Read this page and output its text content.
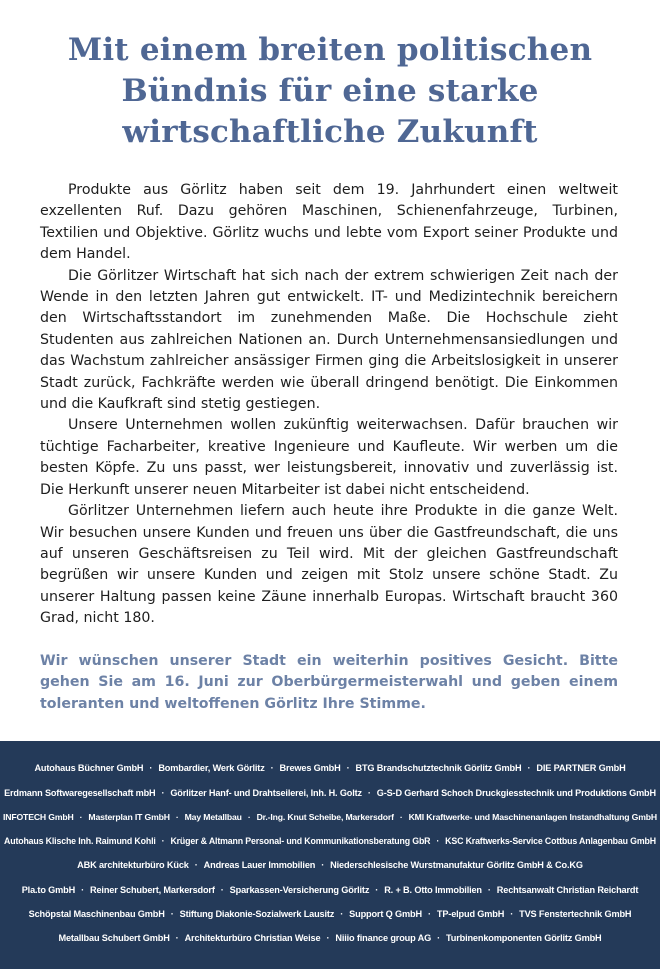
Mit einem breiten politischen
Bündnis für eine starke
wirtschaftliche Zukunft

Produkte aus Görlitz haben seit dem 19. Jahrhundert einen weltweit exzellenten Ruf. Dazu gehören Maschinen, Schienenfahrzeuge, Turbinen, Textilien und Objektive. Görlitz wuchs und lebte vom Export seiner Produkte und dem Handel.

Die Görlitzer Wirtschaft hat sich nach der extrem schwierigen Zeit nach der Wende in den letzten Jahren gut entwickelt. IT- und Medizintechnik bereichern den Wirtschaftsstandort im zunehmenden Maße. Die Hochschule zieht Studenten aus zahlreichen Nationen an. Durch Unternehmensansiedlungen und das Wachstum zahlreicher ansässiger Firmen ging die Arbeitslosigkeit in unserer Stadt zurück, Fachkräfte werden wie überall dringend benötigt. Die Einkommen und die Kaufkraft sind stetig gestiegen.

Unsere Unternehmen wollen zukünftig weiterwachsen. Dafür brauchen wir tüchtige Facharbeiter, kreative Ingenieure und Kaufleute. Wir werben um die besten Köpfe. Zu uns passt, wer leistungsbereit, innovativ und zuverlässig ist. Die Herkunft unserer neuen Mitarbeiter ist dabei nicht entscheidend.

Görlitzer Unternehmen liefern auch heute ihre Produkte in die ganze Welt. Wir besuchen unsere Kunden und freuen uns über die Gastfreundschaft, die uns auf unseren Geschäftsreisen zu Teil wird. Mit der gleichen Gastfreundschaft begrüßen wir unsere Kunden und zeigen mit Stolz unsere schöne Stadt. Zu unserer Haltung passen keine Zäune innerhalb Europas. Wirtschaft braucht 360 Grad, nicht 180.

Wir wünschen unserer Stadt ein weiterhin positives Gesicht. Bitte gehen Sie am 16. Juni zur Oberbürgermeisterwahl und geben einem toleranten und weltoffenen Görlitz Ihre Stimme.

Autohaus Büchner GmbH · Bombardier, Werk Görlitz · Brewes GmbH · BTG Brandschutztechnik Görlitz GmbH · DIE PARTNER GmbH
Erdmann Softwaregesellschaft mbH · Görlitzer Hanf- und Drahtseilerei, Inh. H. Goltz · G-S-D Gerhard Schoch Druckgiesstechnik und Produktions GmbH
INFOTECH GmbH · Masterplan IT GmbH · May Metallbau · Dr.-Ing. Knut Scheibe, Markersdorf · KMI Kraftwerke- und Maschinenanlagen Instandhaltung GmbH
Autohaus Klische Inh. Raimund Kohli · Krüger & Altmann Personal- und Kommunikationsberatung GbR · KSC Kraftwerks-Service Cottbus Anlagenbau GmbH
ABK architekturbüro Kück · Andreas Lauer Immobilien · Niederschlesische Wurstmanufaktur Görlitz GmbH & Co.KG
Pla.to GmbH · Reiner Schubert, Markersdorf · Sparkassen-Versicherung Görlitz · R. + B. Otto Immobilien · Rechtsanwalt Christian Reichardt
Schöpstal Maschinenbau GmbH · Stiftung Diakonie-Sozialwerk Lausitz · Support Q GmbH · TP-elpud GmbH · TVS Fenstertechnik GmbH
Metallbau Schubert GmbH · Architekturbüro Christian Weise · Niiio finance group AG · Turbinenkomponenten Görlitz GmbH
